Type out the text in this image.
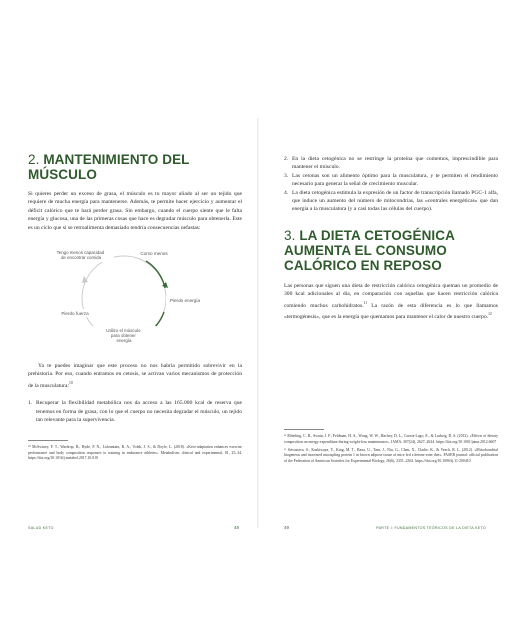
2. MANTENIMIENTO DEL MÚSCULO

Si quieres perder un exceso de grasa, el músculo es tu mayor aliado al ser un tejido que requiere de mucha energía para mantenerse. Además, te permite hacer ejercicio y aumentar el déficit calórico que te hará perder grasa. Sin embargo, cuando el cuerpo siente que le falta energía y glucosa, una de las primeras cosas que hace es degradar músculo para obtenerla. Este es un ciclo que si se retroalimenta demasiado tendría consecuencias nefastas:

Tengo menos capacidad de encontrar comida
Como menos
Pierdo energía
Utilizo el músculo para obtener energía
Pierdo fuerza

Ya te puedes imaginar que este proceso no nos habría permitido sobrevivir en la prehistoria. Por eso, cuando entramos en cetosis, se activan varios mecanismos de protección de la musculatura:$^{10}$

1. Recuperar la flexibilidad metabólica nos da acceso a las 165.000 kcal de reserva que tenemos en forma de grasa, con lo que el cuerpo no necesita degradar el músculo, un tejido tan relevante para la supervivencia.

¹⁰ McSwiney, F. T., Wardrop, B., Hyde, P. N., Lafountain, R. A., Volek, J. S., & Doyle, L. (2018). «Keto-adaptation enhances exercise performance and body composition responses to training in endurance athletes». Metabolism: clinical and experimental, 81, 25–34. https://doi.org/10.1016/j.metabol.2017.10.010

SALUD KETO	48
2. En la dieta cetogénica no se restringe la proteína que comemos, imprescindible para mantener el músculo.
3. Las cetonas son un alimento óptimo para la musculatura, y te permiten el rendimiento necesario para generar la señal de crecimiento muscular.
4. La dieta cetogénica estimula la expresión de un factor de transcripción llamado PGC-1 alfa, que induce un aumento del número de mitocondrias, las «centrales energéticas» que dan energía a la musculatura (y a casi todas las células del cuerpo).
3. LA DIETA CETOGÉNICA AUMENTA EL CONSUMO CALÓRICO EN REPOSO

Las personas que siguen una dieta de restricción calórica cetogénica queman un promedio de 300 kcal adicionales al día, en comparación con aquellas que hacen restricción calórica comiendo muchos carbohidratos.$^{11}$ La razón de esta diferencia es lo que llamamos «termogénesis», que es la energía que quemamos para mantener el calor de nuestro cuerpo.$^{12}$

¹¹ Ebbeling, C. B., Swain, J. F., Feldman, H. A., Wong, W. W., Hachey, D. L., Garcia-Lago, E., & Ludwig, D. S. (2012). «Effects of dietary composition on energy expenditure during weight-loss maintenance». JAMA, 307(24), 2627–2634. https://doi.org/10.1001/jama.2012.6607

¹² Srivastava, S., Kashiwaya, Y., King, M. T., Baxa, U., Tam, J., Niu, G., Chen, X., Clarke, K., & Veech, R. L. (2012). «Mitochondrial biogenesis and increased uncoupling protein 1 in brown adipose tissue of mice fed a ketone ester diet». FASEB journal: official publication of the Federation of American Societies for Experimental Biology, 26(6), 2351–2362. https://doi.org/10.1096/fj.11-200410

49	PARTE I: FUNDAMENTOS TEÓRICOS DE LA DIETA KETO
